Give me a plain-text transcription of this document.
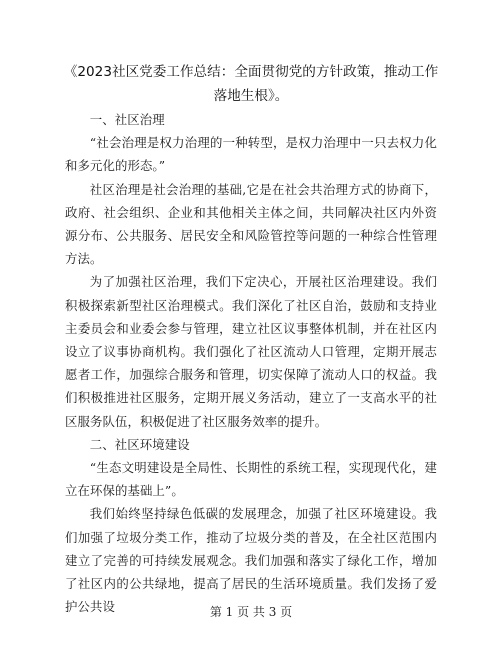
《2023社区党委工作总结：全面贯彻党的方针政策，推动工作落地生根》。

一、社区治理

“社会治理是权力治理的一种转型，是权力治理中一只去权力化和多元化的形态。”

社区治理是社会治理的基础,它是在社会共治理方式的协商下，政府、社会组织、企业和其他相关主体之间，共同解决社区内外资源分布、公共服务、居民安全和风险管控等问题的一种综合性管理方法。

为了加强社区治理，我们下定决心，开展社区治理建设。我们积极探索新型社区治理模式。我们深化了社区自治，鼓励和支持业主委员会和业委会参与管理，建立社区议事整体机制，并在社区内设立了议事协商机构。我们强化了社区流动人口管理，定期开展志愿者工作，加强综合服务和管理，切实保障了流动人口的权益。我们积极推进社区服务，定期开展义务活动，建立了一支高水平的社区服务队伍，积极促进了社区服务效率的提升。

二、社区环境建设

“生态文明建设是全局性、长期性的系统工程，实现现代化，建立在环保的基础上”。

我们始终坚持绿色低碳的发展理念，加强了社区环境建设。我们加强了垃圾分类工作，推动了垃圾分类的普及，在全社区范围内建立了完善的可持续发展观念。我们加强和落实了绿化工作，增加了社区内的公共绿地，提高了居民的生活环境质量。我们发扬了爱护公共设	第 1 页 共 3 页
